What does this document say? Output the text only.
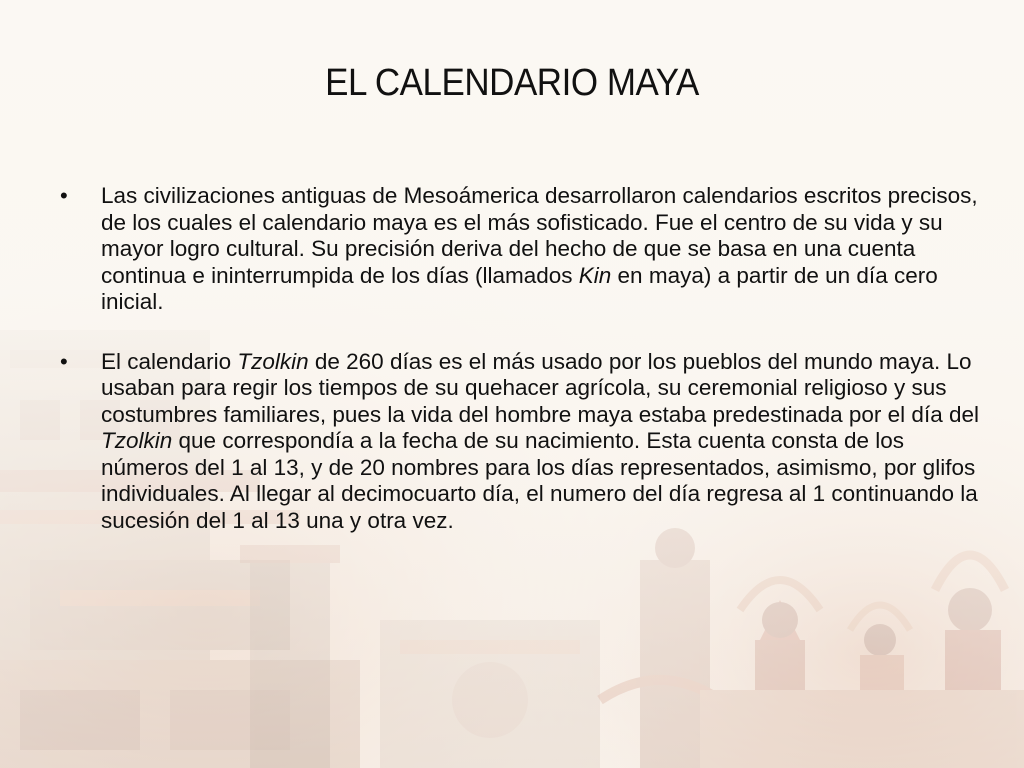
EL CALENDARIO MAYA
•	Las civilizaciones antiguas de Mesoámerica desarrollaron calendarios escritos precisos, de los cuales el calendario maya es el más sofisticado. Fue el centro de su vida y su mayor logro cultural. Su precisión deriva del hecho de que se basa en una cuenta continua e ininterrumpida de los días (llamados Kin en maya) a partir de un día cero inicial.
•	El calendario Tzolkin de 260 días es el más usado por los pueblos del mundo maya. Lo usaban para regir los tiempos de su quehacer agrícola, su ceremonial religioso y sus costumbres familiares, pues la vida del hombre maya estaba predestinada por el día del Tzolkin que correspondía a la fecha de su nacimiento. Esta cuenta consta de los números del 1 al 13, y de 20 nombres para los días representados, asimismo, por glifos individuales. Al llegar al decimocuarto día, el numero del día regresa al 1 continuando la sucesión del 1 al 13 una y otra vez.
